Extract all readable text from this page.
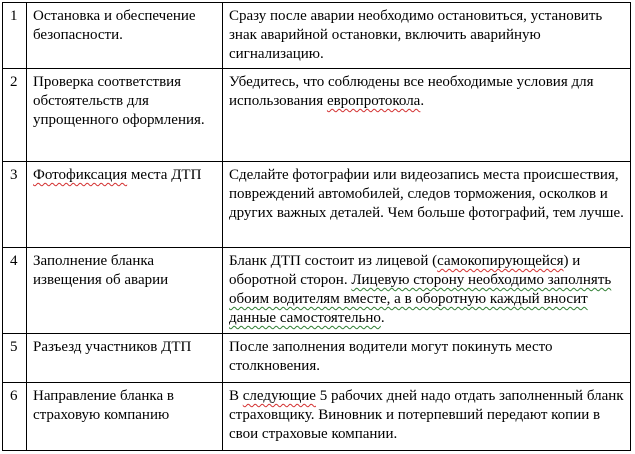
1	Остановка и обеспечение безопасности.	Сразу после аварии необходимо остановиться, установить знак аварийной остановки, включить аварийную сигнализацию.
2	Проверка соответствия обстоятельств для упрощенного оформления.	Убедитесь, что соблюдены все необходимые условия для использования европротокола.
3	Фотофиксация места ДТП	Сделайте фотографии или видеозапись места происшествия, повреждений автомобилей, следов торможения, осколков и других важных деталей. Чем больше фотографий, тем лучше.
4	Заполнение бланка извещения об аварии	Бланк ДТП состоит из лицевой (самокопирующейся) и оборотной сторон. Лицевую сторону необходимо заполнять обоим водителям вместе, а в оборотную каждый вносит данные самостоятельно.
5	Разъезд участников ДТП	После заполнения водители могут покинуть место столкновения.
6	Направление бланка в страховую компанию	В следующие 5 рабочих дней надо отдать заполненный бланк страховщику. Виновник и потерпевший передают копии в свои страховые компании.
